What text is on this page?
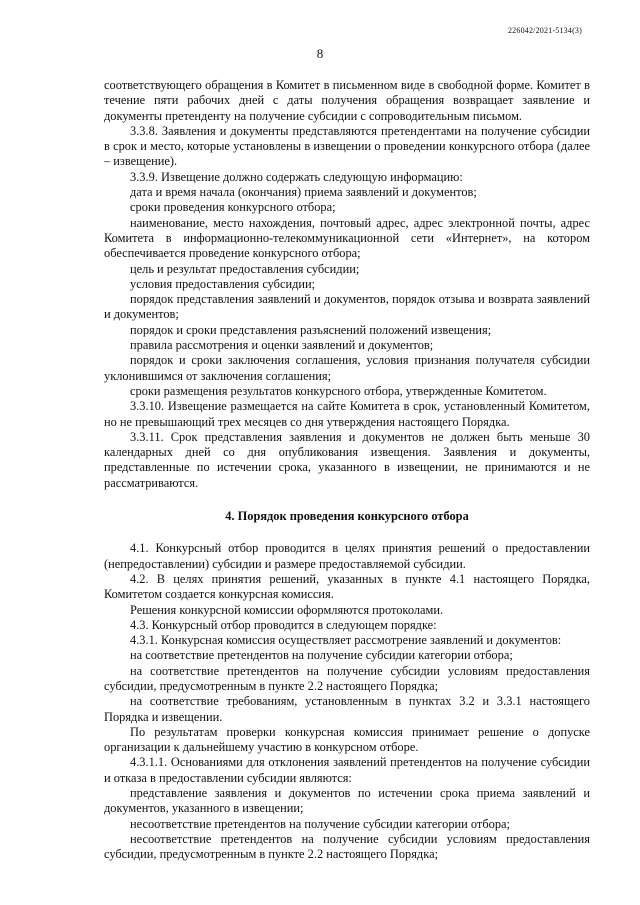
226042/2021-5134(3)
8

соответствующего обращения в Комитет в письменном виде в свободной форме. Комитет в течение пяти рабочих дней с даты получения обращения возвращает заявление и документы претенденту на получение субсидии с сопроводительным письмом.

3.3.8. Заявления и документы представляются претендентами на получение субсидии в срок и место, которые установлены в извещении о проведении конкурсного отбора (далее – извещение).

3.3.9. Извещение должно содержать следующую информацию:

дата и время начала (окончания) приема заявлений и документов;

сроки проведения конкурсного отбора;

наименование, место нахождения, почтовый адрес, адрес электронной почты, адрес Комитета в информационно-телекоммуникационной сети «Интернет», на котором обеспечивается проведение конкурсного отбора;

цель и результат предоставления субсидии;

условия предоставления субсидии;

порядок представления заявлений и документов, порядок отзыва и возврата заявлений и документов;

порядок и сроки представления разъяснений положений извещения;

правила рассмотрения и оценки заявлений и документов;

порядок и сроки заключения соглашения, условия признания получателя субсидии уклонившимся от заключения соглашения;

сроки размещения результатов конкурсного отбора, утвержденные Комитетом.

3.3.10. Извещение размещается на сайте Комитета в срок, установленный Комитетом, но не превышающий трех месяцев со дня утверждения настоящего Порядка.

3.3.11. Срок представления заявления и документов не должен быть меньше 30 календарных дней со дня опубликования извещения. Заявления и документы, представленные по истечении срока, указанного в извещении, не принимаются и не рассматриваются.

4. Порядок проведения конкурсного отбора

4.1. Конкурсный отбор проводится в целях принятия решений о предоставлении (непредоставлении) субсидии и размере предоставляемой субсидии.

4.2. В целях принятия решений, указанных в пункте 4.1 настоящего Порядка, Комитетом создается конкурсная комиссия.

Решения конкурсной комиссии оформляются протоколами.

4.3. Конкурсный отбор проводится в следующем порядке:

4.3.1. Конкурсная комиссия осуществляет рассмотрение заявлений и документов:

на соответствие претендентов на получение субсидии категории отбора;

на соответствие претендентов на получение субсидии условиям предоставления субсидии, предусмотренным в пункте 2.2 настоящего Порядка;

на соответствие требованиям, установленным в пунктах 3.2 и 3.3.1 настоящего Порядка и извещении.

По результатам проверки конкурсная комиссия принимает решение о допуске организации к дальнейшему участию в конкурсном отборе.

4.3.1.1. Основаниями для отклонения заявлений претендентов на получение субсидии и отказа в предоставлении субсидии являются:

представление заявления и документов по истечении срока приема заявлений и документов, указанного в извещении;

несоответствие претендентов на получение субсидии категории отбора;

несоответствие претендентов на получение субсидии условиям предоставления субсидии, предусмотренным в пункте 2.2 настоящего Порядка;
